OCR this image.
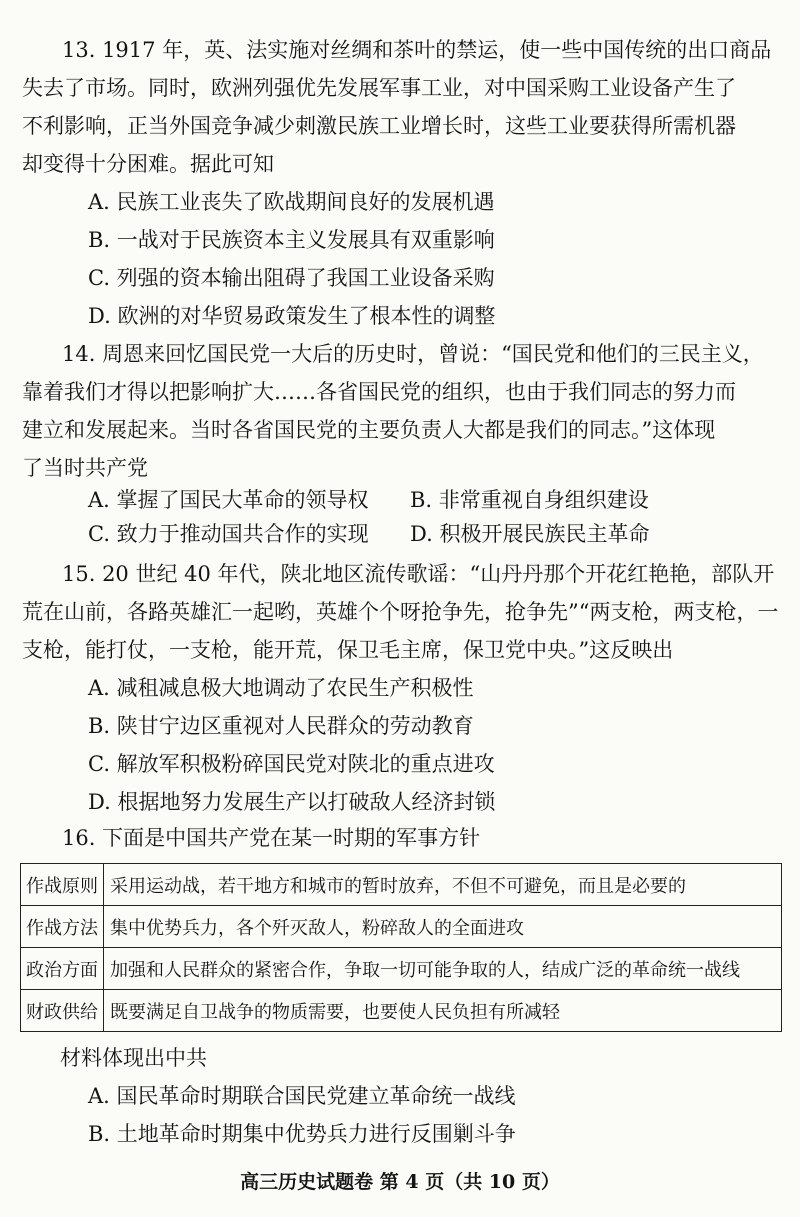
13. 1917 年，英、法实施对丝绸和茶叶的禁运，使一些中国传统的出口商品
失去了市场。同时，欧洲列强优先发展军事工业，对中国采购工业设备产生了
不利影响，正当外国竞争减少刺激民族工业增长时，这些工业要获得所需机器
却变得十分困难。据此可知
A. 民族工业丧失了欧战期间良好的发展机遇
B. 一战对于民族资本主义发展具有双重影响
C. 列强的资本输出阻碍了我国工业设备采购
D. 欧洲的对华贸易政策发生了根本性的调整
14. 周恩来回忆国民党一大后的历史时，曾说：“国民党和他们的三民主义，
靠着我们才得以把影响扩大……各省国民党的组织，也由于我们同志的努力而
建立和发展起来。当时各省国民党的主要负责人大都是我们的同志。”这体现
了当时共产党
A. 掌握了国民大革命的领导权 B. 非常重视自身组织建设
C. 致力于推动国共合作的实现 D. 积极开展民族民主革命
15. 20 世纪 40 年代，陕北地区流传歌谣：“山丹丹那个开花红艳艳，部队开
荒在山前，各路英雄汇一起哟，英雄个个呀抢争先，抢争先”“两支枪，两支枪，一
支枪，能打仗，一支枪，能开荒，保卫毛主席，保卫党中央。”这反映出
A. 减租减息极大地调动了农民生产积极性
B. 陕甘宁边区重视对人民群众的劳动教育
C. 解放军积极粉碎国民党对陕北的重点进攻
D. 根据地努力发展生产以打破敌人经济封锁
16. 下面是中国共产党在某一时期的军事方针
作战原则	采用运动战，若干地方和城市的暂时放弃，不但不可避免，而且是必要的
作战方法	集中优势兵力，各个歼灭敌人，粉碎敌人的全面进攻
政治方面	加强和人民群众的紧密合作，争取一切可能争取的人，结成广泛的革命统一战线
财政供给	既要满足自卫战争的物质需要，也要使人民负担有所减轻
材料体现出中共
A. 国民革命时期联合国民党建立革命统一战线
B. 土地革命时期集中优势兵力进行反围剿斗争
高三历史试题卷 第 4 页（共 10 页）
